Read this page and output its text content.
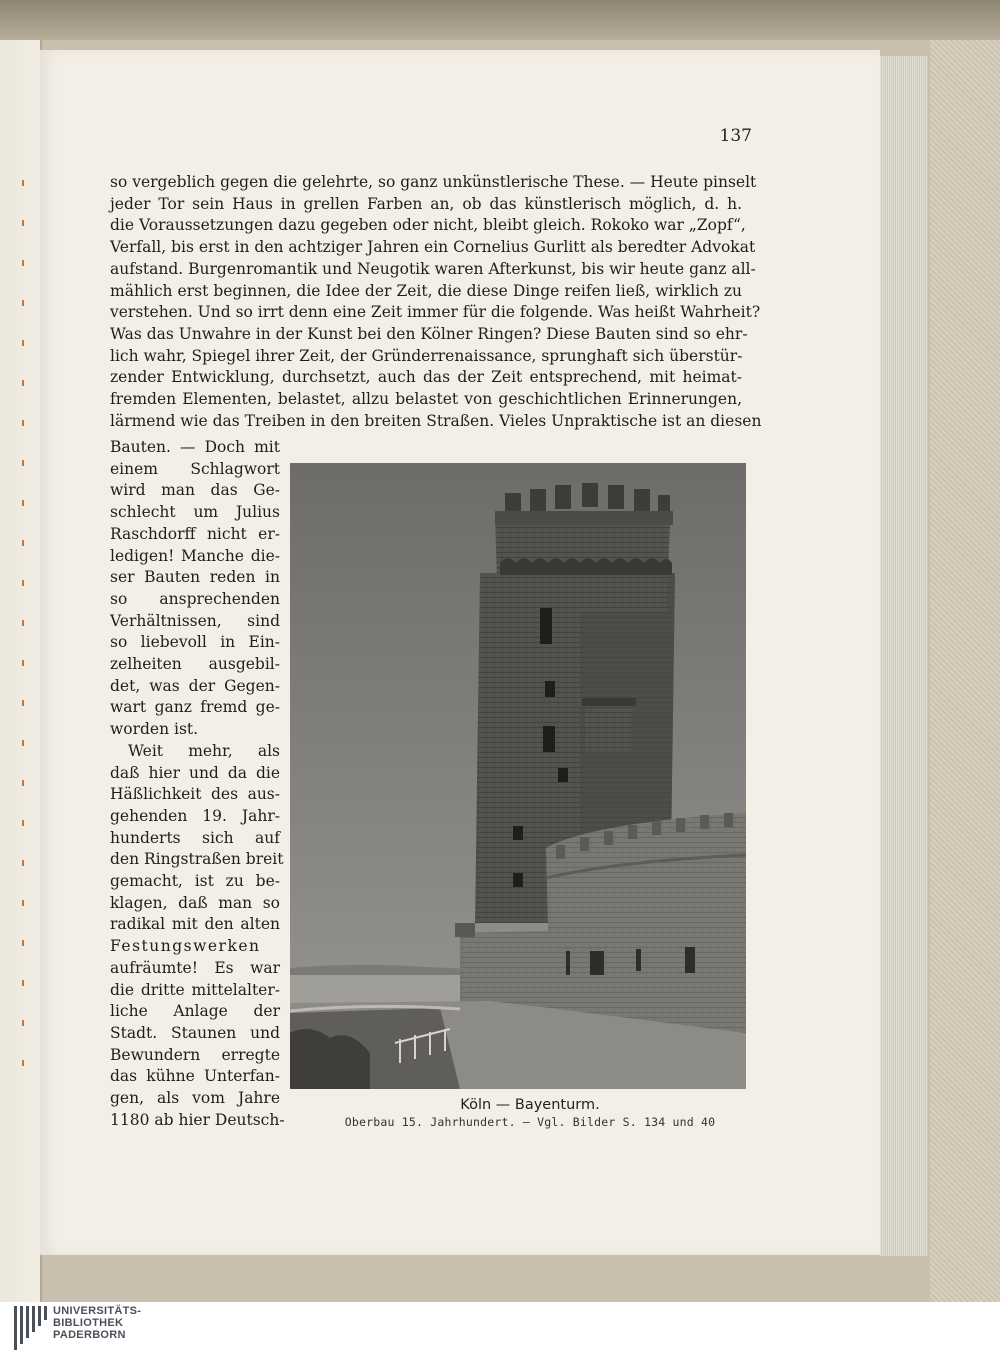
137
so vergeblich gegen die gelehrte, so ganz unkünstlerische These. — Heute pinselt
jeder Tor sein Haus in grellen Farben an, ob das künstlerisch möglich, d. h.
die Voraussetzungen dazu gegeben oder nicht, bleibt gleich. Rokoko war „Zopf“,
Verfall, bis erst in den achtziger Jahren ein Cornelius Gurlitt als beredter Advokat
aufstand. Burgenromantik und Neugotik waren Afterkunst, bis wir heute ganz all-
mählich erst beginnen, die Idee der Zeit, die diese Dinge reifen ließ, wirklich zu
verstehen. Und so irrt denn eine Zeit immer für die folgende. Was heißt Wahrheit?
Was das Unwahre in der Kunst bei den Kölner Ringen? Diese Bauten sind so ehr-
lich wahr, Spiegel ihrer Zeit, der Gründerrenaissance, sprunghaft sich überstür-
zender Entwicklung, durchsetzt, auch das der Zeit entsprechend, mit heimat-
fremden Elementen, belastet, allzu belastet von geschichtlichen Erinnerungen,
lärmend wie das Treiben in den breiten Straßen. Vieles Unpraktische ist an diesen
Bauten. — Doch mit
einem Schlagwort
wird man das Ge-
schlecht um Julius
Raschdorff nicht er-
ledigen! Manche die-
ser Bauten reden in
so ansprechenden
Verhältnissen, sind
so liebevoll in Ein-
zelheiten ausgebil-
det, was der Gegen-
wart ganz fremd ge-
worden ist.
Weit mehr, als
daß hier und da die
Häßlichkeit des aus-
gehenden 19. Jahr-
hunderts sich auf
den Ringstraßen breit
gemacht, ist zu be-
klagen, daß man so
radikal mit den alten
Festungswerken
aufräumte! Es war
die dritte mittelalter-
liche Anlage der
Stadt. Staunen und
Bewundern erregte
das kühne Unterfan-
gen, als vom Jahre
1180 ab hier Deutsch-
Köln — Bayenturm.
Oberbau 15. Jahrhundert. — Vgl. Bilder S. 134 und 40
UNIVERSITÄTS-
BIBLIOTHEK
PADERBORN
